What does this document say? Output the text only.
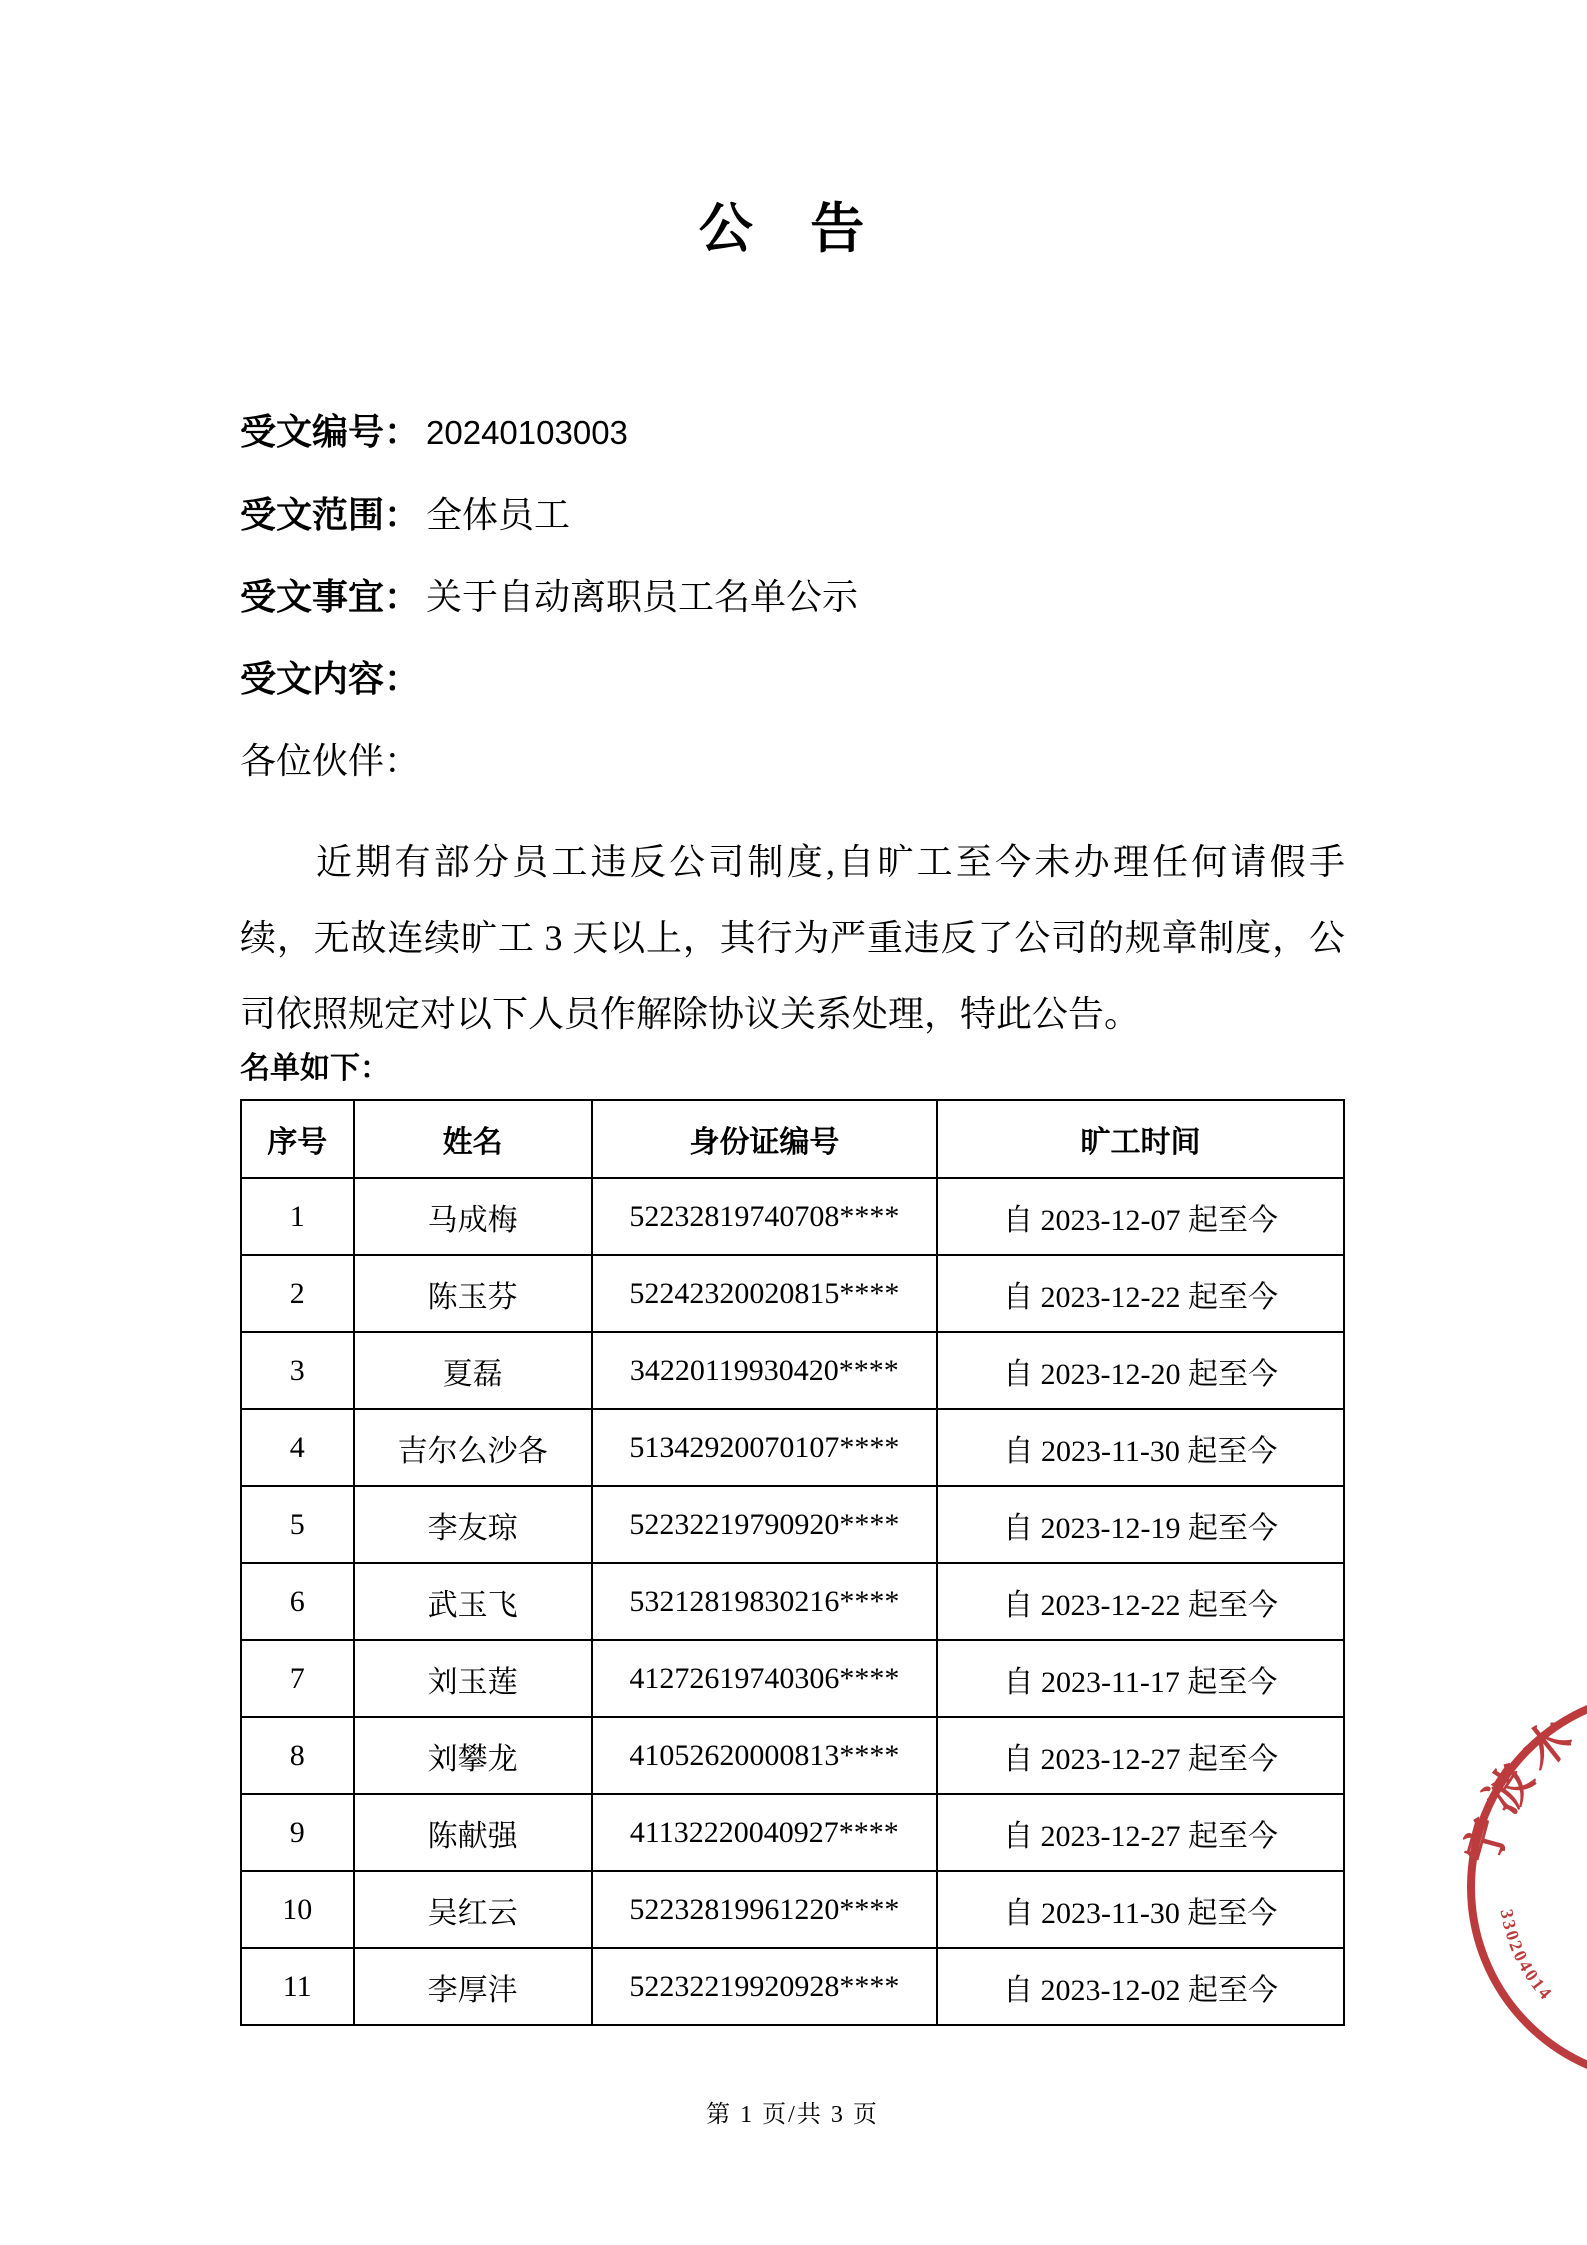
公 告
受文编号： 20240103003
受文范围： 全体员工
受文事宜： 关于自动离职员工名单公示
受文内容：
各位伙伴：
近期有部分员工违反公司制度,自旷工至今未办理任何请假手
续，无故连续旷工 3 天以上，其行为严重违反了公司的规章制度，公
司依照规定对以下人员作解除协议关系处理，特此公告。
名单如下：
序号	姓名	身份证编号	旷工时间
1	马成梅	52232819740708****	自 2023-12-07 起至今
2	陈玉芬	52242320020815****	自 2023-12-22 起至今
3	夏磊	34220119930420****	自 2023-12-20 起至今
4	吉尔么沙各	51342920070107****	自 2023-11-30 起至今
5	李友琼	52232219790920****	自 2023-12-19 起至今
6	武玉飞	53212819830216****	自 2023-12-22 起至今
7	刘玉莲	41272619740306****	自 2023-11-17 起至今
8	刘攀龙	41052620000813****	自 2023-12-27 起至今
9	陈献强	41132220040927****	自 2023-12-27 起至今
10	吴红云	52232819961220****	自 2023-11-30 起至今
11	李厚沣	52232219920928****	自 2023-12-02 起至今
第 1 页/共 3 页
宁波木
330204014
